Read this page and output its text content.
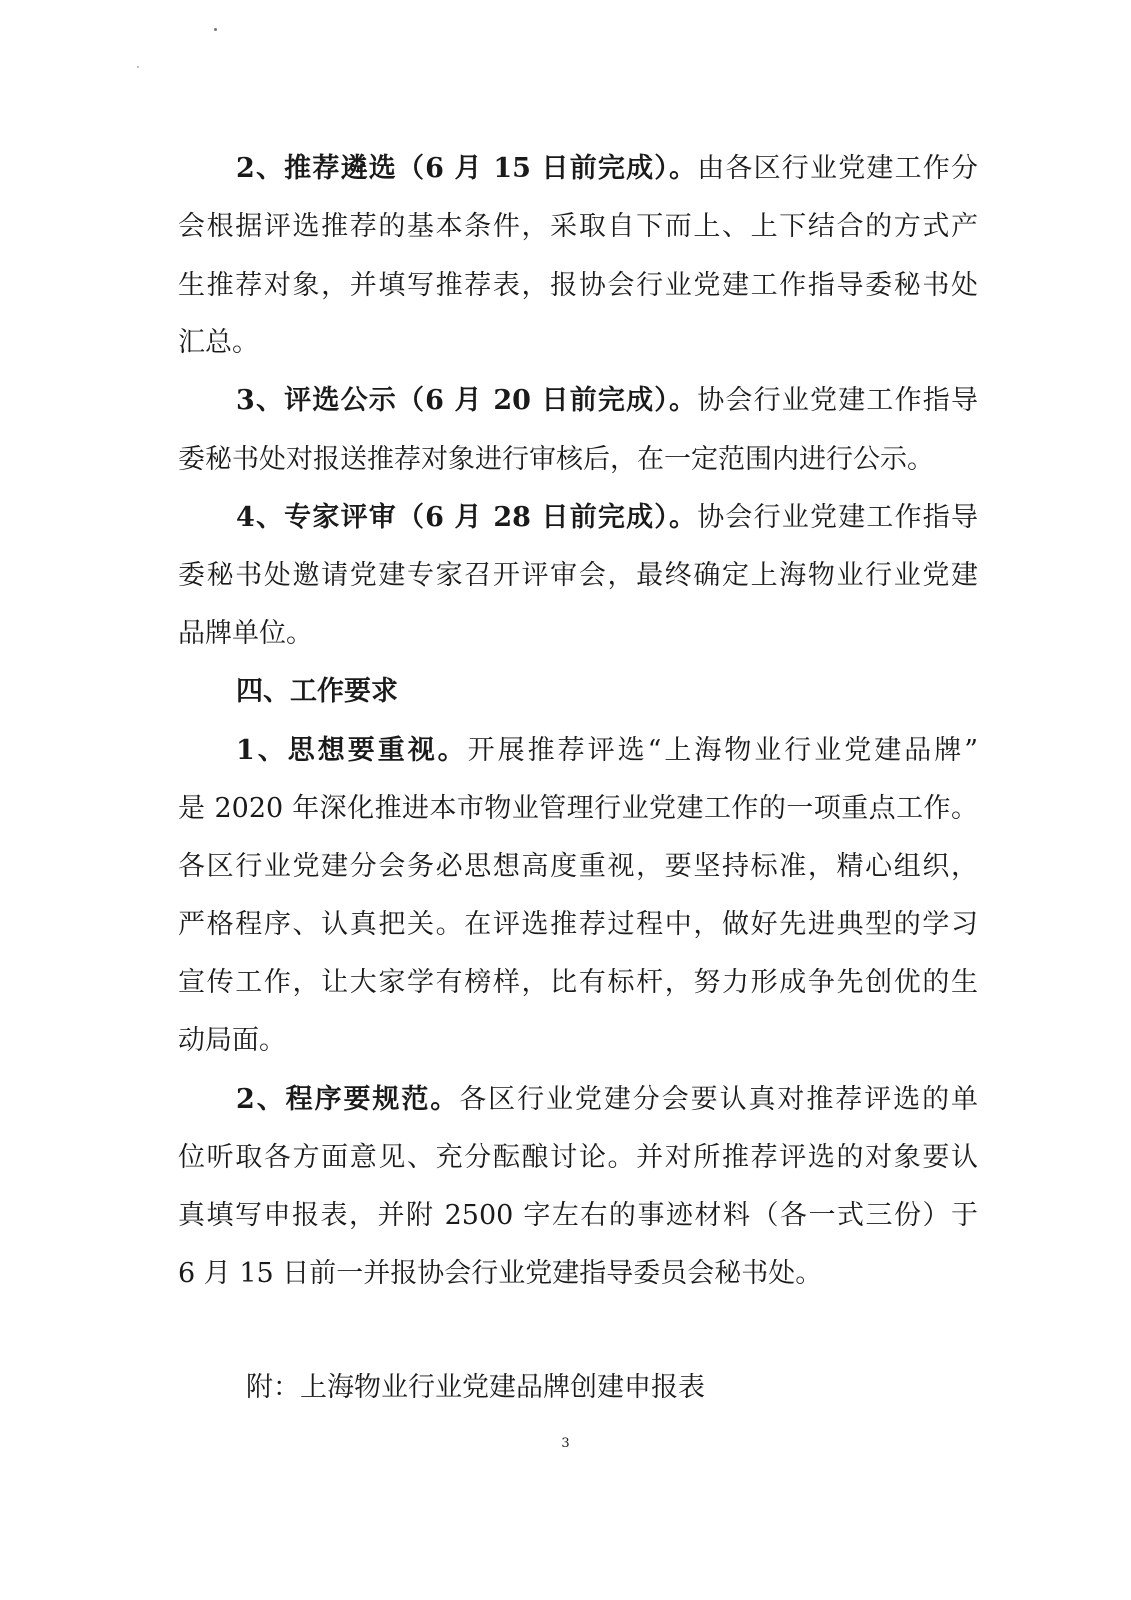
2、推荐遴选（6 月 15 日前完成）。由各区行业党建工作分
会根据评选推荐的基本条件，采取自下而上、上下结合的方式产
生推荐对象，并填写推荐表，报协会行业党建工作指导委秘书处
汇总。
3、评选公示（6 月 20 日前完成）。协会行业党建工作指导
委秘书处对报送推荐对象进行审核后，在一定范围内进行公示。
4、专家评审（6 月 28 日前完成）。协会行业党建工作指导
委秘书处邀请党建专家召开评审会，最终确定上海物业行业党建
品牌单位。
四、工作要求
1、思想要重视。开展推荐评选“上海物业行业党建品牌”
是 2020 年深化推进本市物业管理行业党建工作的一项重点工作。
各区行业党建分会务必思想高度重视，要坚持标准，精心组织，
严格程序、认真把关。在评选推荐过程中，做好先进典型的学习
宣传工作，让大家学有榜样，比有标杆，努力形成争先创优的生
动局面。
2、程序要规范。各区行业党建分会要认真对推荐评选的单
位听取各方面意见、充分酝酿讨论。并对所推荐评选的对象要认
真填写申报表，并附 2500 字左右的事迹材料（各一式三份）于
6 月 15 日前一并报协会行业党建指导委员会秘书处。
附：上海物业行业党建品牌创建申报表
3
